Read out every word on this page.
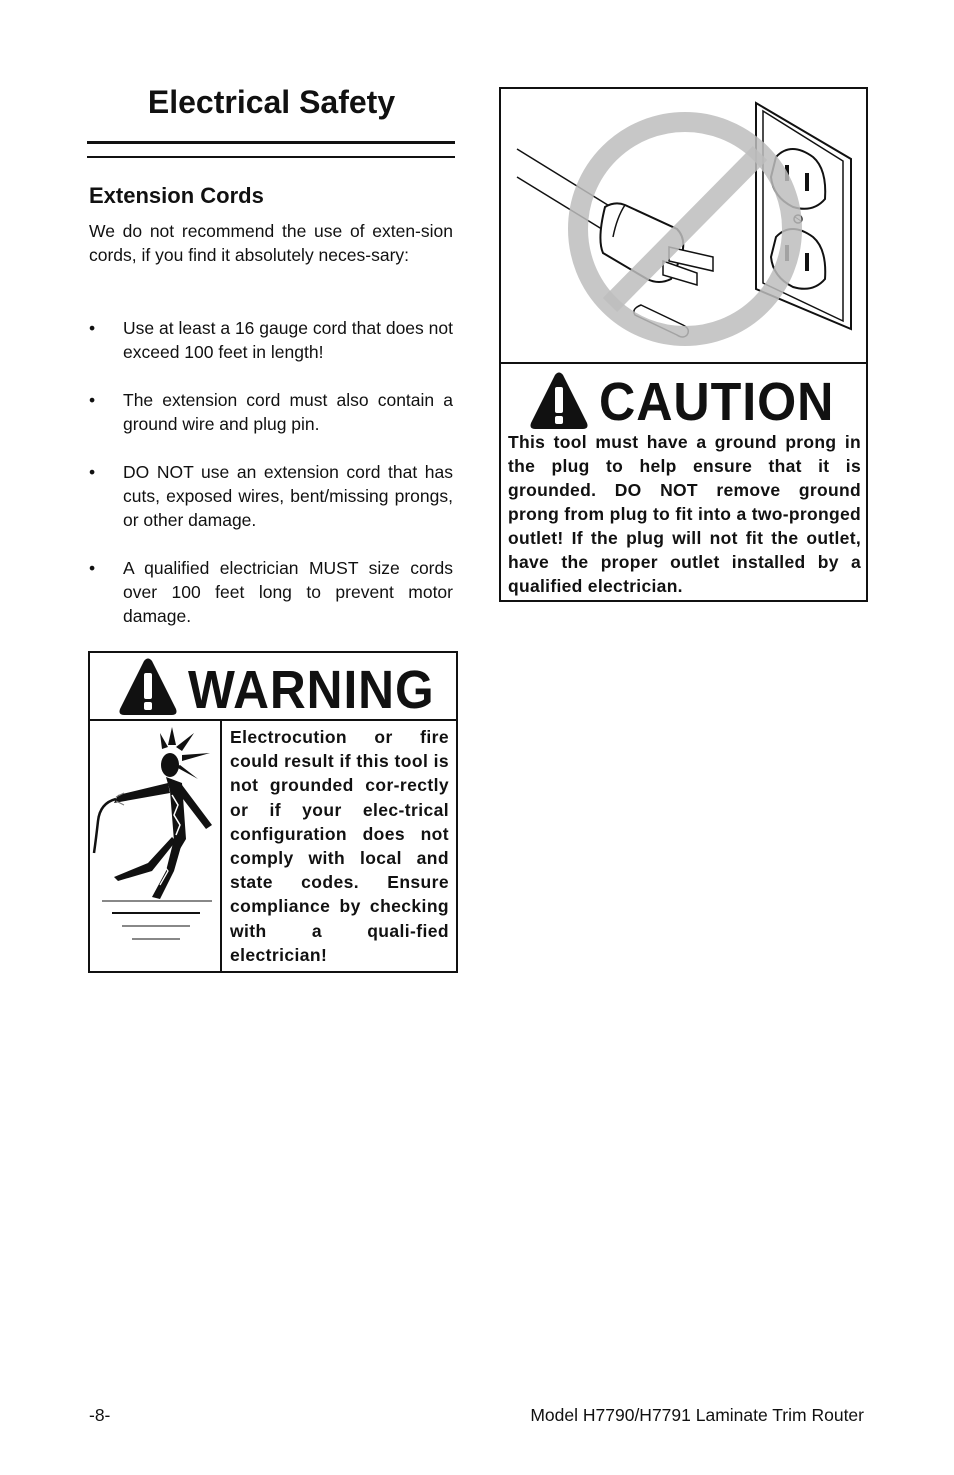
Electrical Safety
Extension Cords

We do not recommend the use of exten-sion cords, if you find it absolutely neces-sary:

• Use at least a 16 gauge cord that does not exceed 100 feet in length!
• The extension cord must also contain a ground wire and plug pin.
• DO NOT use an extension cord that has cuts, exposed wires, bent/missing prongs, or other damage.
• A qualified electrician MUST size cords over 100 feet long to prevent motor damage.
WARNING

Electrocution or fire could result if this tool is not grounded cor-rectly or if your elec-trical configuration does not comply with local and state codes. Ensure compliance by checking with a quali-fied electrician!

CAUTION

This tool must have a ground prong in the plug to help ensure that it is grounded. DO NOT remove ground prong from plug to fit into a two-pronged outlet! If the plug will not fit the outlet, have the proper outlet installed by a qualified electrician.

-8-	Model H7790/H7791 Laminate Trim Router
